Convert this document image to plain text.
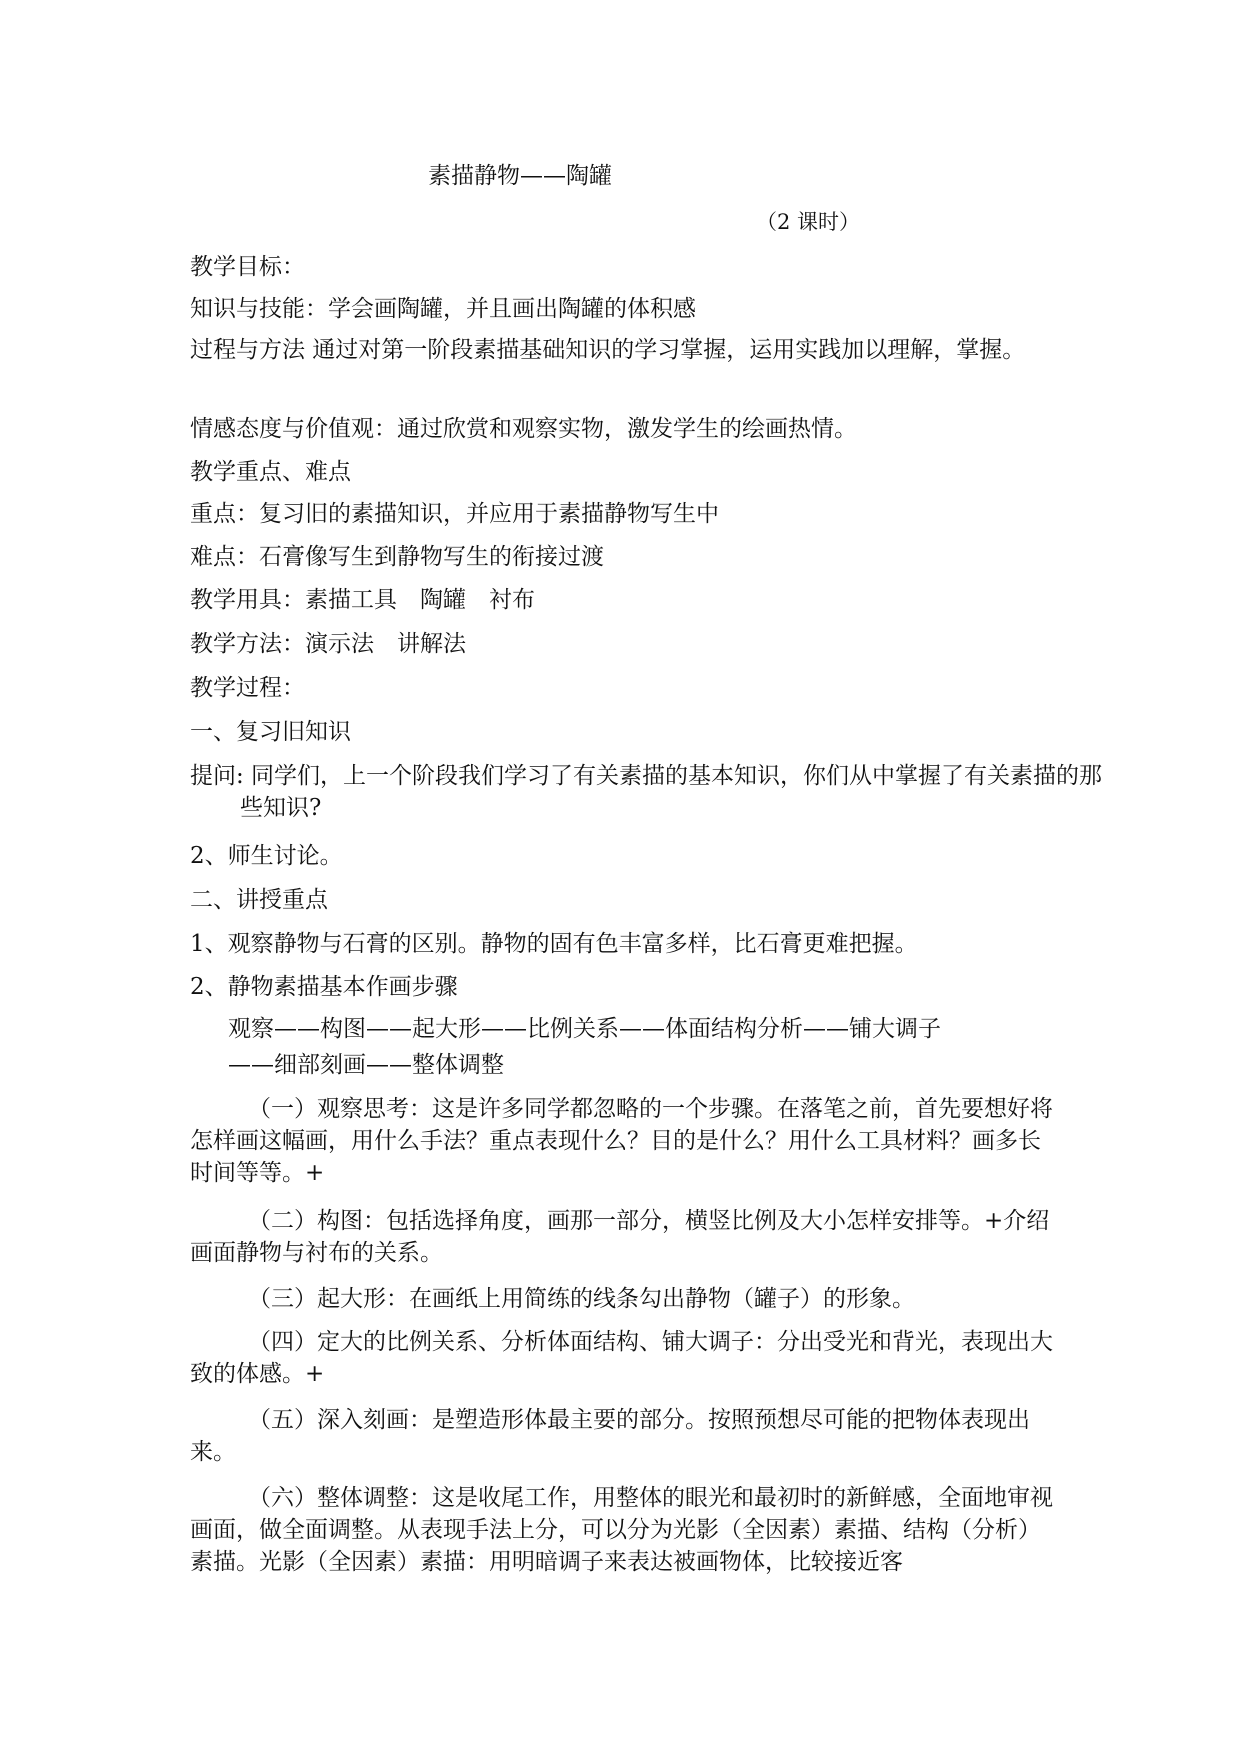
素描静物——陶罐
（2 课时）
教学目标：
知识与技能：学会画陶罐，并且画出陶罐的体积感
过程与方法 通过对第一阶段素描基础知识的学习掌握，运用实践加以理解，掌握。
情感态度与价值观：通过欣赏和观察实物，激发学生的绘画热情。
教学重点、难点
重点：复习旧的素描知识，并应用于素描静物写生中
难点：石膏像写生到静物写生的衔接过渡
教学用具：素描工具　陶罐　衬布
教学方法：演示法　讲解法
教学过程：
一、复习旧知识
提问: 同学们，上一个阶段我们学习了有关素描的基本知识，你们从中掌握了有关素描的那些知识?
2、师生讨论。
二、讲授重点
1、观察静物与石膏的区别。静物的固有色丰富多样，比石膏更难把握。
2、静物素描基本作画步骤
观察——构图——起大形——比例关系——体面结构分析——铺大调子
——细部刻画——整体调整
（一）观察思考：这是许多同学都忽略的一个步骤。在落笔之前，首先要想好将怎样画这幅画，用什么手法？重点表现什么？目的是什么？用什么工具材料？画多长时间等等。+
（二）构图：包括选择角度，画那一部分，横竖比例及大小怎样安排等。+介绍画面静物与衬布的关系。
（三）起大形：在画纸上用简练的线条勾出静物（罐子）的形象。
（四）定大的比例关系、分析体面结构、铺大调子：分出受光和背光，表现出大致的体感。+
（五）深入刻画：是塑造形体最主要的部分。按照预想尽可能的把物体表现出来。
（六）整体调整：这是收尾工作，用整体的眼光和最初时的新鲜感，全面地审视画面，做全面调整。从表现手法上分，可以分为光影（全因素）素描、结构（分析）素描。光影（全因素）素描：用明暗调子来表达被画物体，比较接近客
